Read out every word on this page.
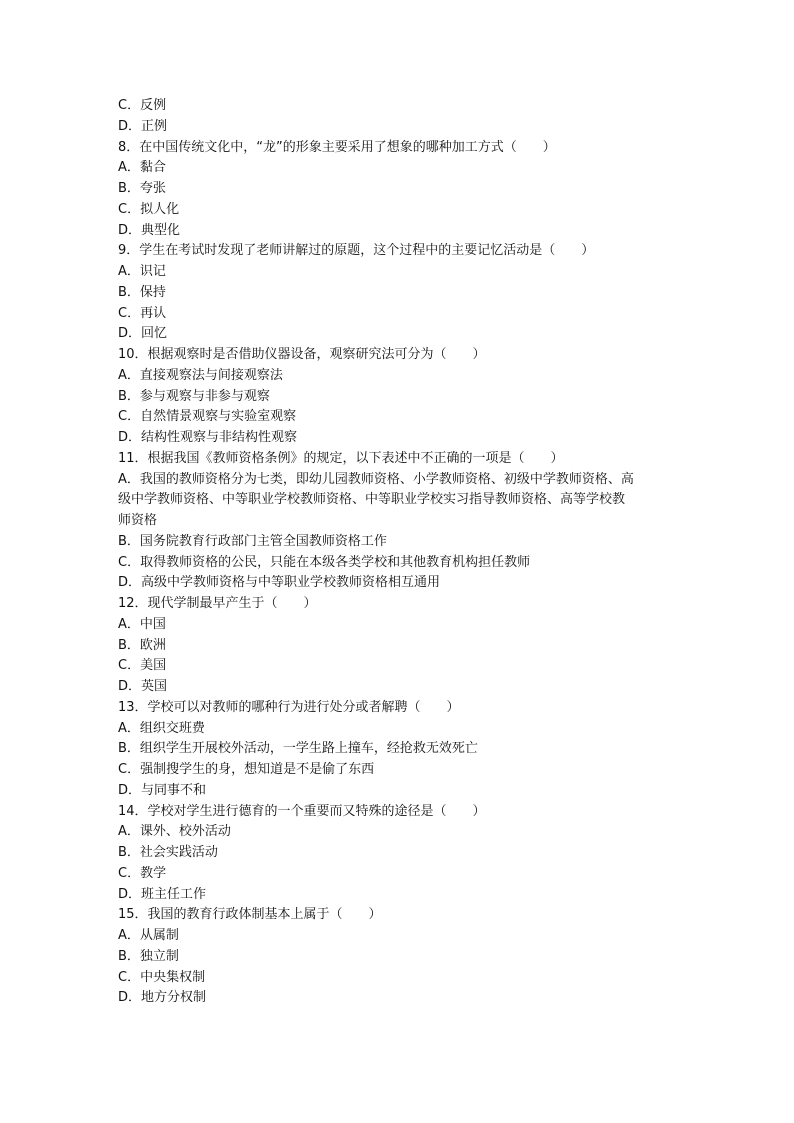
C．反例
D．正例
8．在中国传统文化中，“龙”的形象主要采用了想象的哪种加工方式（　　）
A．黏合
B．夸张
C．拟人化
D．典型化
9．学生在考试时发现了老师讲解过的原题，这个过程中的主要记忆活动是（　　）
A．识记
B．保持
C．再认
D．回忆
10．根据观察时是否借助仪器设备，观察研究法可分为（　　）
A．直接观察法与间接观察法
B．参与观察与非参与观察
C．自然情景观察与实验室观察
D．结构性观察与非结构性观察
11．根据我国《教师资格条例》的规定，以下表述中不正确的一项是（　　）
A．我国的教师资格分为七类，即幼儿园教师资格、小学教师资格、初级中学教师资格、高
级中学教师资格、中等职业学校教师资格、中等职业学校实习指导教师资格、高等学校教
师资格
B．国务院教育行政部门主管全国教师资格工作
C．取得教师资格的公民，只能在本级各类学校和其他教育机构担任教师
D．高级中学教师资格与中等职业学校教师资格相互通用
12．现代学制最早产生于（　　）
A．中国
B．欧洲
C．美国
D．英国
13．学校可以对教师的哪种行为进行处分或者解聘（　　）
A．组织交班费
B．组织学生开展校外活动，一学生路上撞车，经抢救无效死亡
C．强制搜学生的身，想知道是不是偷了东西
D．与同事不和
14．学校对学生进行德育的一个重要而又特殊的途径是（　　）
A．课外、校外活动
B．社会实践活动
C．教学
D．班主任工作
15．我国的教育行政体制基本上属于（　　）
A．从属制
B．独立制
C．中央集权制
D．地方分权制
